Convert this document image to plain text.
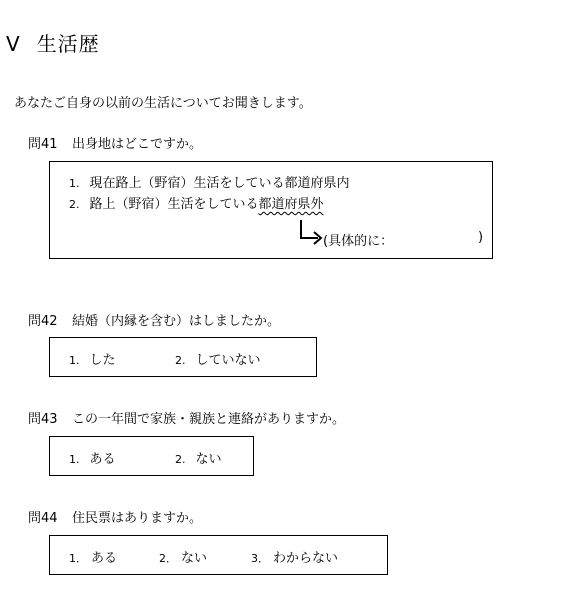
Ⅴ 生活歴
あなたご自身の以前の生活についてお聞きします。
問41 出身地はどこですか。
1. 現在路上（野宿）生活をしている都道府県内
2. 路上（野宿）生活をしている都道府県外
(具体的に：	)
問42 結婚（内縁を含む）はしましたか。
1. した	2. していない
問43 この一年間で家族・親族と連絡がありますか。
1. ある	2. ない
問44 住民票はありますか。
1． ある	2． ない	3． わからない
